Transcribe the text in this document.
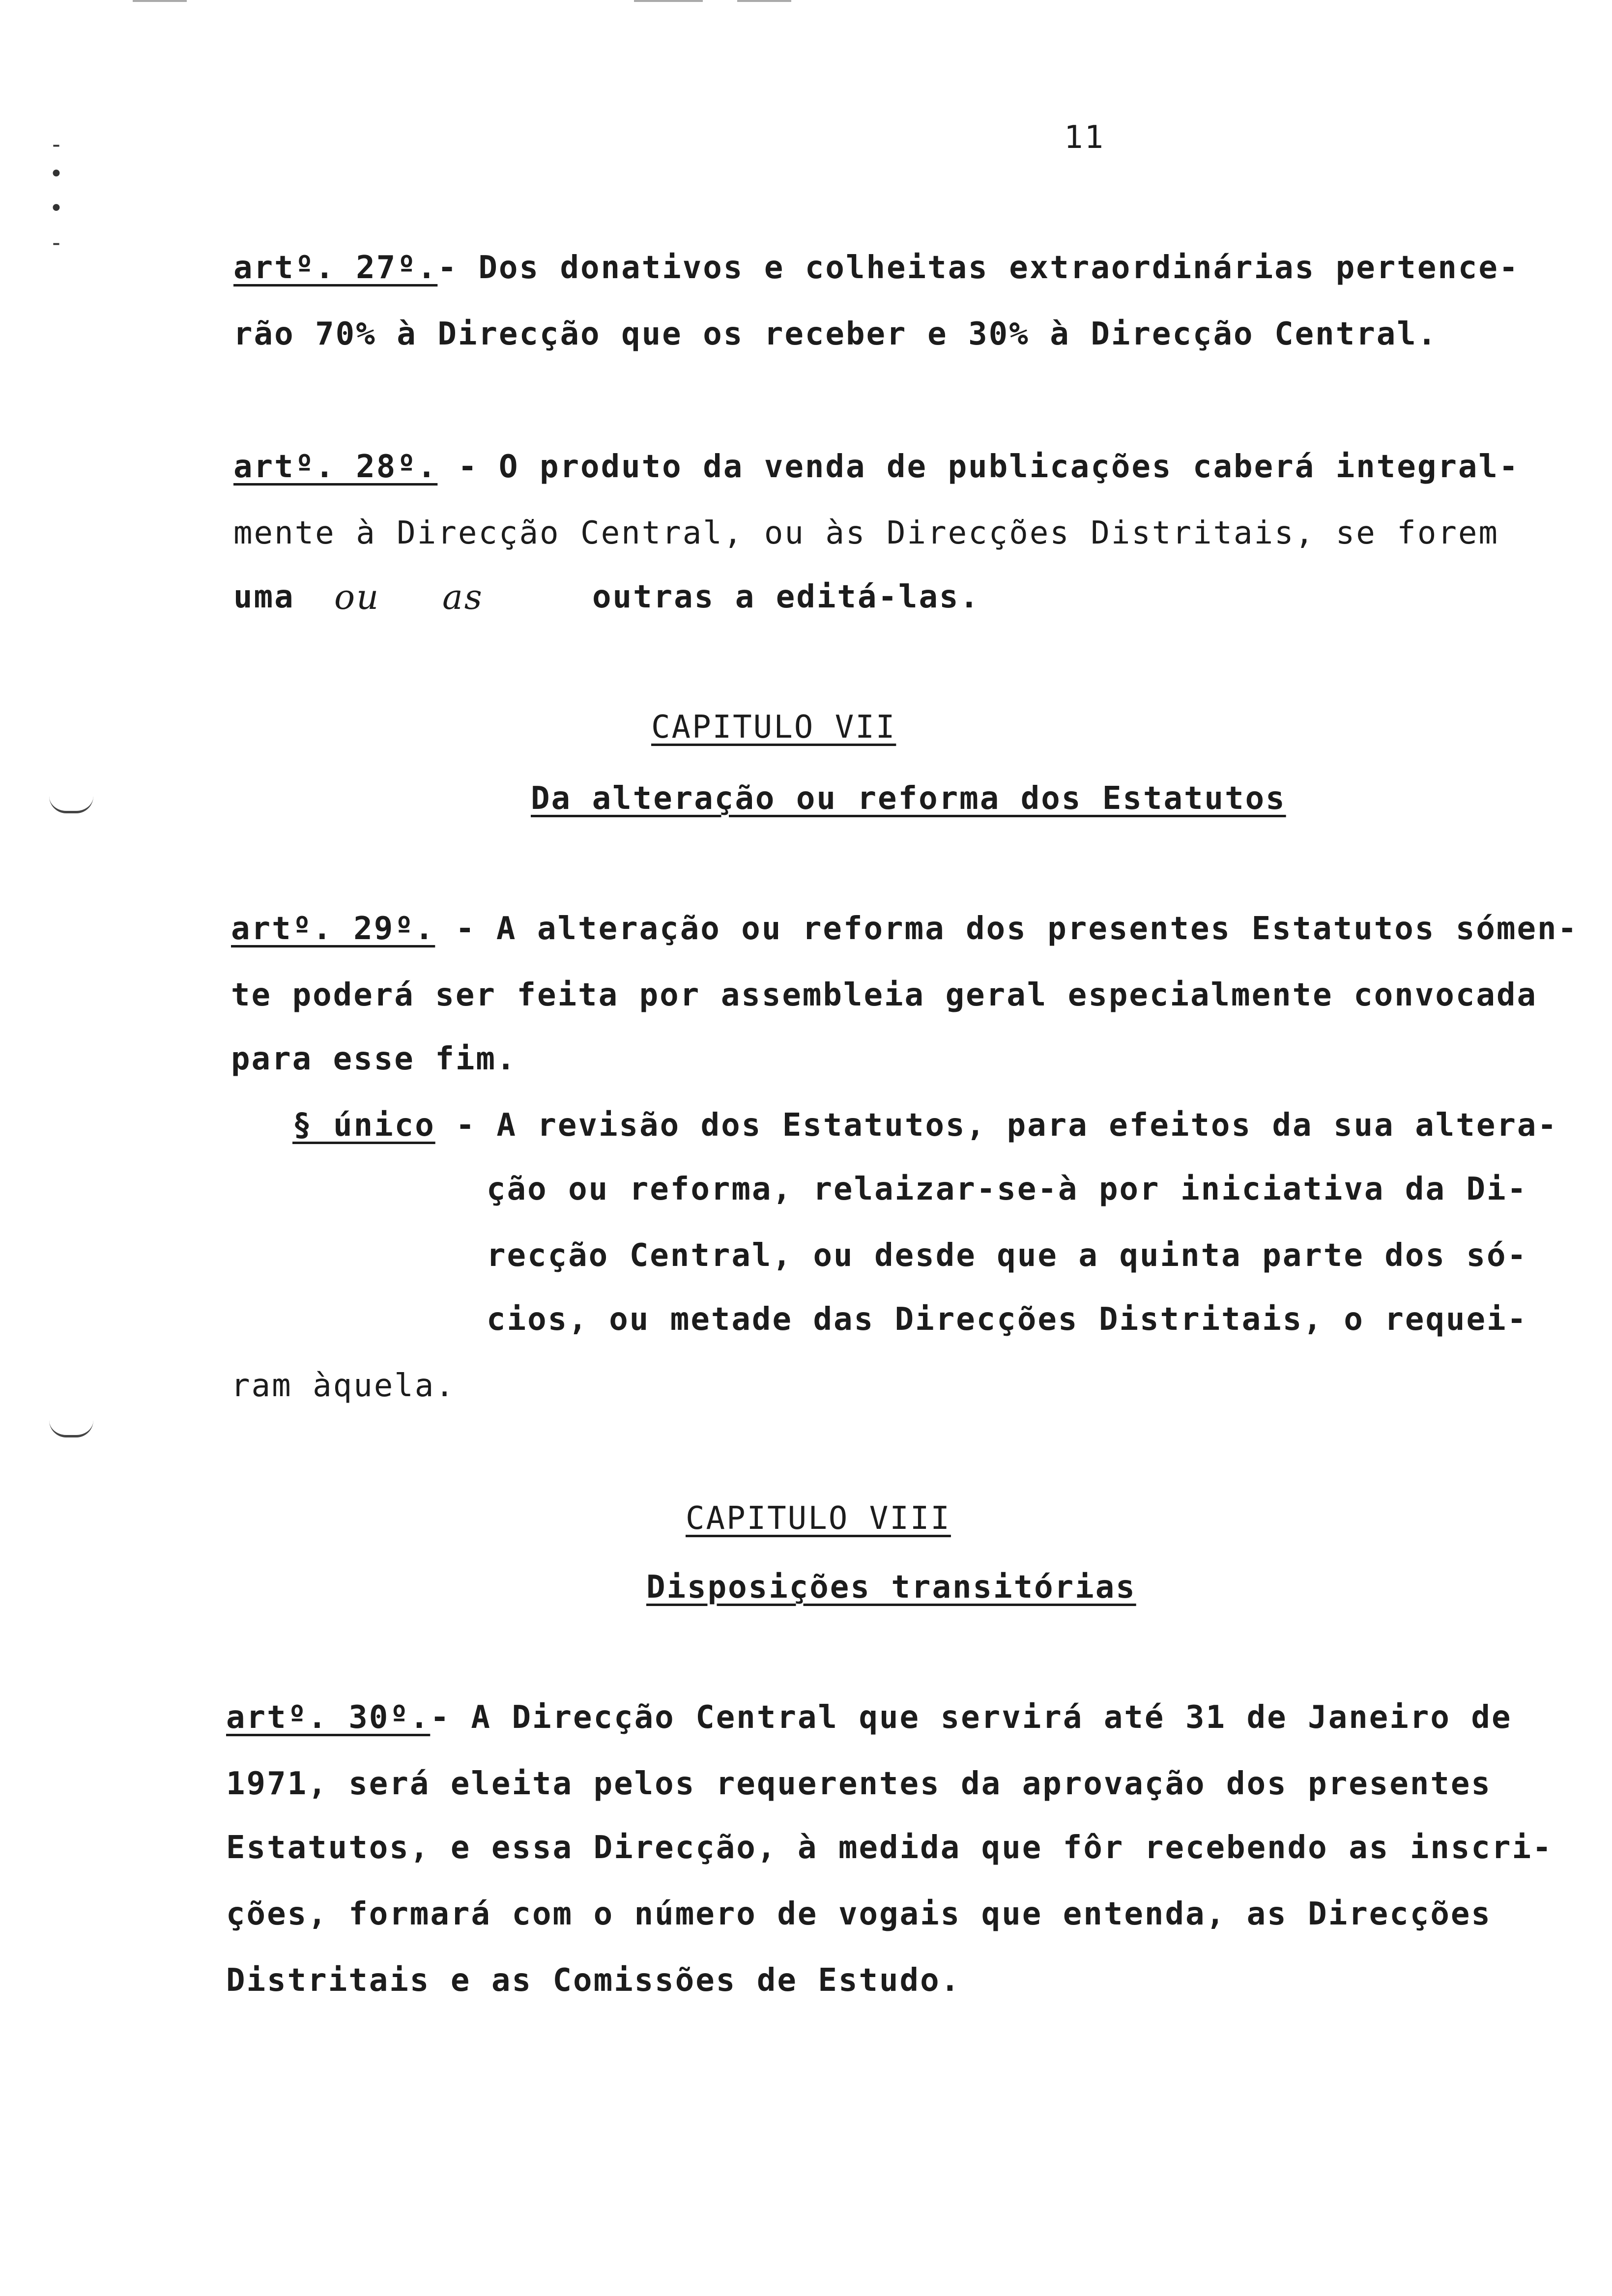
-
•
•
-
11
artº. 27º.- Dos donativos e colheitas extraordinárias pertence-
rão 70% à Direcção que os receber e 30% à Direcção Central.
artº. 28º. - O produto da venda de publicações caberá integral-
mente à Direcção Central, ou às Direcções Distritais, se forem
uma ou as	outras a editá-las.
CAPITULO VII
Da alteração ou reforma dos Estatutos
artº. 29º. - A alteração ou reforma dos presentes Estatutos sómen-
te poderá ser feita por assembleia geral especialmente convocada
para esse fim.
§ único - A revisão dos Estatutos, para efeitos da sua altera-
ção ou reforma, relaizar-se-à por iniciativa da Di-
recção Central, ou desde que a quinta parte dos só-
cios, ou metade das Direcções Distritais, o requei-
ram àquela.
CAPITULO VIII
Disposições transitórias
artº. 30º.- A Direcção Central que servirá até 31 de Janeiro de
1971, será eleita pelos requerentes da aprovação dos presentes
Estatutos, e essa Direcção, à medida que fôr recebendo as inscri-
ções, formará com o número de vogais que entenda, as Direcções
Distritais e as Comissões de Estudo.
